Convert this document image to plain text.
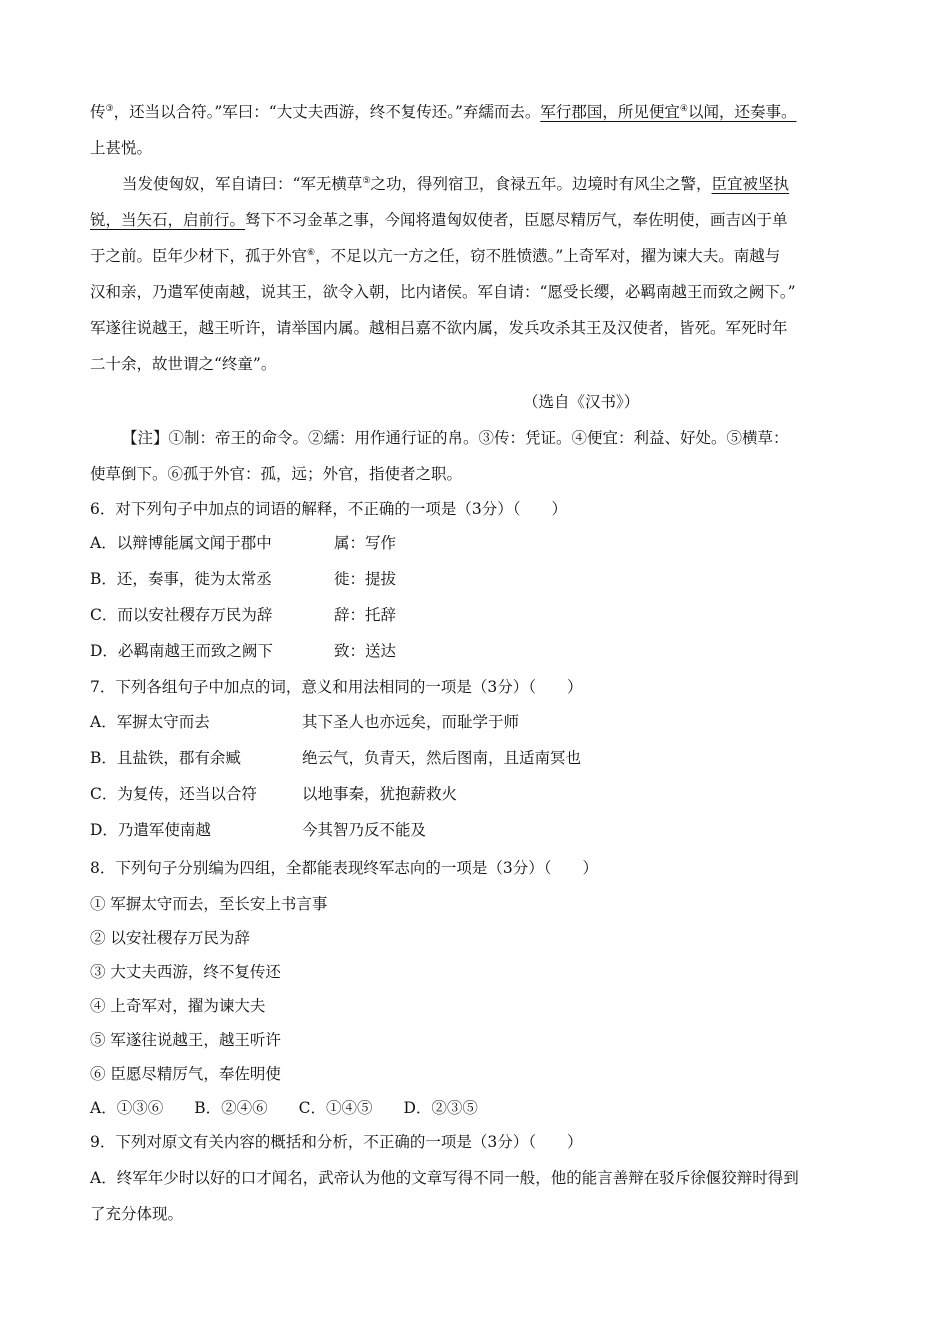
传③，还当以合符。”军曰：“大丈夫西游，终不复传还。”弃繻而去。军行郡国，所见便宜④以闻，还奏事。
上甚悦。
当发使匈奴，军自请曰：“军无横草⑤之功，得列宿卫，食禄五年。边境时有风尘之警，臣宜被坚执
锐，当矢石，启前行。驽下不习金革之事，今闻将遣匈奴使者，臣愿尽精厉气，奉佐明使，画吉凶于单
于之前。臣年少材下，孤于外官⑥，不足以亢一方之任，窃不胜愤懑。”上奇军对，擢为谏大夫。南越与
汉和亲，乃遣军使南越，说其王，欲令入朝，比内诸侯。军自请：“愿受长缨，必羁南越王而致之阙下。”
军遂往说越王，越王听许，请举国内属。越相吕嘉不欲内属，发兵攻杀其王及汉使者，皆死。军死时年
二十余，故世谓之“终童”。
（选自《汉书》）
【注】①制：帝王的命令。②繻：用作通行证的帛。③传：凭证。④便宜：利益、好处。⑤横草：
使草倒下。⑥孤于外官：孤，远；外官，指使者之职。
6．对下列句子中加点的词语的解释，不正确的一项是（3分）（　　）
A．以辩博能属文闻于郡中	属：写作
B．还，奏事，徙为太常丞	徙：提拔
C．而以安社稷存万民为辞	辞：托辞
D．必羁南越王而致之阙下	致：送达
7．下列各组句子中加点的词，意义和用法相同的一项是（3分）（　　）
A．军摒太守而去	其下圣人也亦远矣，而耻学于师
B．且盐铁，郡有余臧	绝云气，负青天，然后图南，且适南冥也
C．为复传，还当以合符	以地事秦，犹抱薪救火
D．乃遣军使南越	今其智乃反不能及
8．下列句子分别编为四组，全都能表现终军志向的一项是（3分）（　　）
① 军摒太守而去，至长安上书言事
② 以安社稷存万民为辞
③ 大丈夫西游，终不复传还
④ 上奇军对，擢为谏大夫
⑤ 军遂往说越王，越王听许
⑥ 臣愿尽精厉气，奉佐明使
A．①③⑥　　B．②④⑥　　C．①④⑤　　D．②③⑤
9．下列对原文有关内容的概括和分析，不正确的一项是（3分）（　　）
A．终军年少时以好的口才闻名，武帝认为他的文章写得不同一般，他的能言善辩在驳斥徐偃狡辩时得到
了充分体现。
